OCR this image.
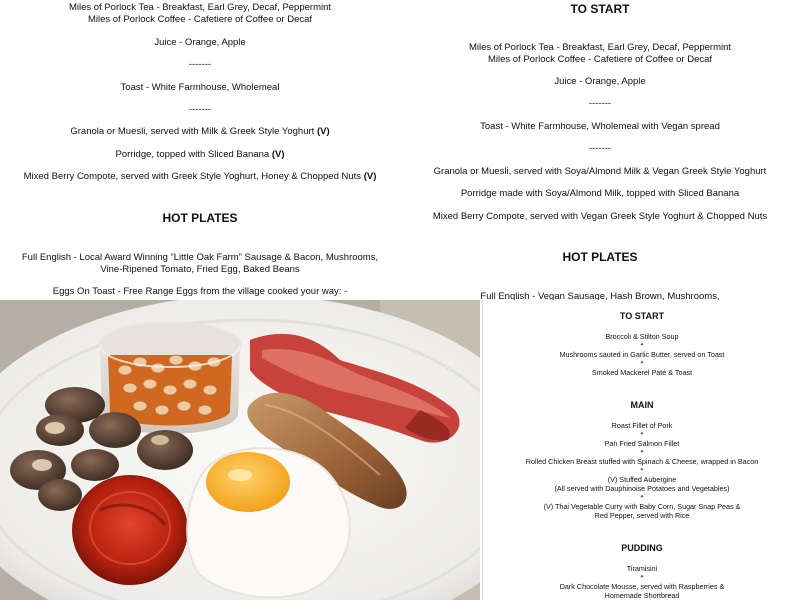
Miles of Porlock Tea - Breakfast, Earl Grey, Decaf, Peppermint

Miles of Porlock Coffee - Cafetiere of Coffee or Decaf

Juice - Orange, Apple

-------

Toast - White Farmhouse, Wholemeal

-------

Granola or Muesli, served with Milk & Greek Style Yoghurt (V)

Porridge, topped with Sliced Banana (V)

Mixed Berry Compote, served with Greek Style Yoghurt, Honey & Chopped Nuts (V)

HOT PLATES

Full English - Local Award Winning “Little Oak Farm” Sausage & Bacon, Mushrooms,

Vine-Ripened Tomato, Fried Egg, Baked Beans

Eggs On Toast - Free Range Eggs from the village cooked your way: -

TO START

Miles of Porlock Tea - Breakfast, Earl Grey, Decaf, Peppermint

Miles of Porlock Coffee - Cafetiere of Coffee or Decaf

Juice - Orange, Apple

-------

Toast - White Farmhouse, Wholemeal with Vegan spread

-------

Granola or Muesli, served with Soya/Almond Milk & Vegan Greek Style Yoghurt

Porridge made with Soya/Almond Milk, topped with Sliced Banana

Mixed Berry Compote, served with Vegan Greek Style Yoghurt & Chopped Nuts

HOT PLATES

Full English - Vegan Sausage, Hash Brown, Mushrooms,

TO START

Broccoli & Stilton Soup

✦

Mushrooms sauted in Garlic Butter, served on Toast

✦

Smoked Mackerel Paté & Toast

MAIN

Roast Fillet of Pork

✦

Pan Fried Salmon Fillet

✦

Rolled Chicken Breast stuffed with Spinach & Cheese, wrapped in Bacon

✦

(V) Stuffed Aubergine

(All served with Dauphinoise Potatoes and Vegetables)

✦

(V) Thai Vegetable Curry with Baby Corn, Sugar Snap Peas &

Red Pepper, served with Rice

PUDDING

Tiramisini

✦

Dark Chocolate Mousse, served with Raspberries &

Homemade Shortbread
